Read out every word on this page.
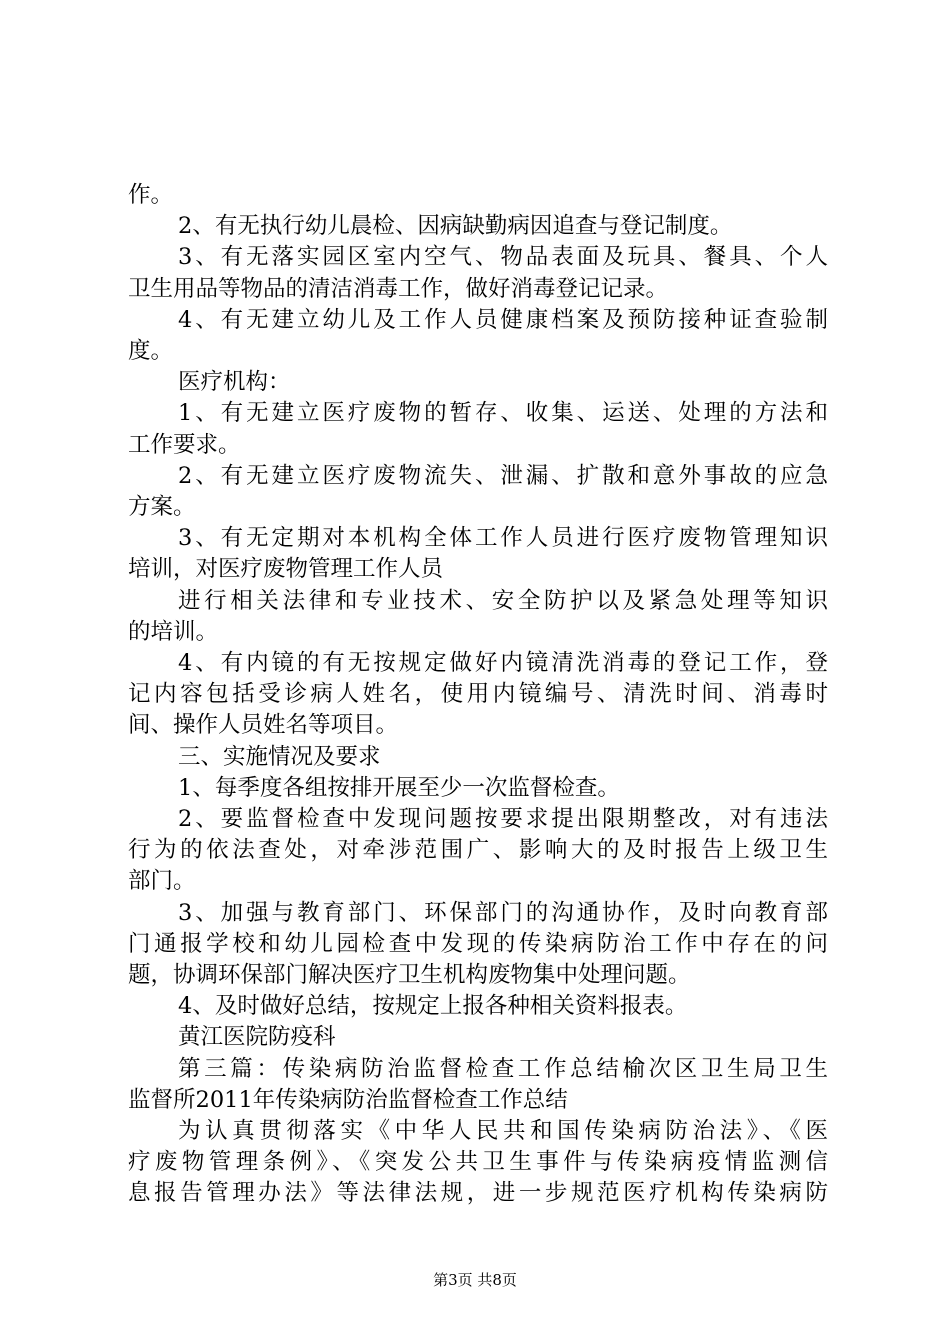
作。
2、有无执行幼儿晨检、因病缺勤病因追查与登记制度。
3、有无落实园区室内空气、物品表面及玩具、餐具、个人
卫生用品等物品的清洁消毒工作，做好消毒登记记录。
4、有无建立幼儿及工作人员健康档案及预防接种证查验制
度。
医疗机构：
1、有无建立医疗废物的暂存、收集、运送、处理的方法和
工作要求。
2、有无建立医疗废物流失、泄漏、扩散和意外事故的应急
方案。
3、有无定期对本机构全体工作人员进行医疗废物管理知识
培训，对医疗废物管理工作人员
进行相关法律和专业技术、安全防护以及紧急处理等知识
的培训。
4、有内镜的有无按规定做好内镜清洗消毒的登记工作，登
记内容包括受诊病人姓名，使用内镜编号、清洗时间、消毒时
间、操作人员姓名等项目。
三、实施情况及要求
1、每季度各组按排开展至少一次监督检查。
2、要监督检查中发现问题按要求提出限期整改，对有违法
行为的依法查处，对牵涉范围广、影响大的及时报告上级卫生
部门。
3、加强与教育部门、环保部门的沟通协作，及时向教育部
门通报学校和幼儿园检查中发现的传染病防治工作中存在的问
题，协调环保部门解决医疗卫生机构废物集中处理问题。
4、及时做好总结，按规定上报各种相关资料报表。
黄江医院防疫科
第三篇：传染病防治监督检查工作总结榆次区卫生局卫生
监督所2011年传染病防治监督检查工作总结
为认真贯彻落实《中华人民共和国传染病防治法》、《医
疗废物管理条例》、《突发公共卫生事件与传染病疫情监测信
息报告管理办法》等法律法规，进一步规范医疗机构传染病防
第3页 共8页
